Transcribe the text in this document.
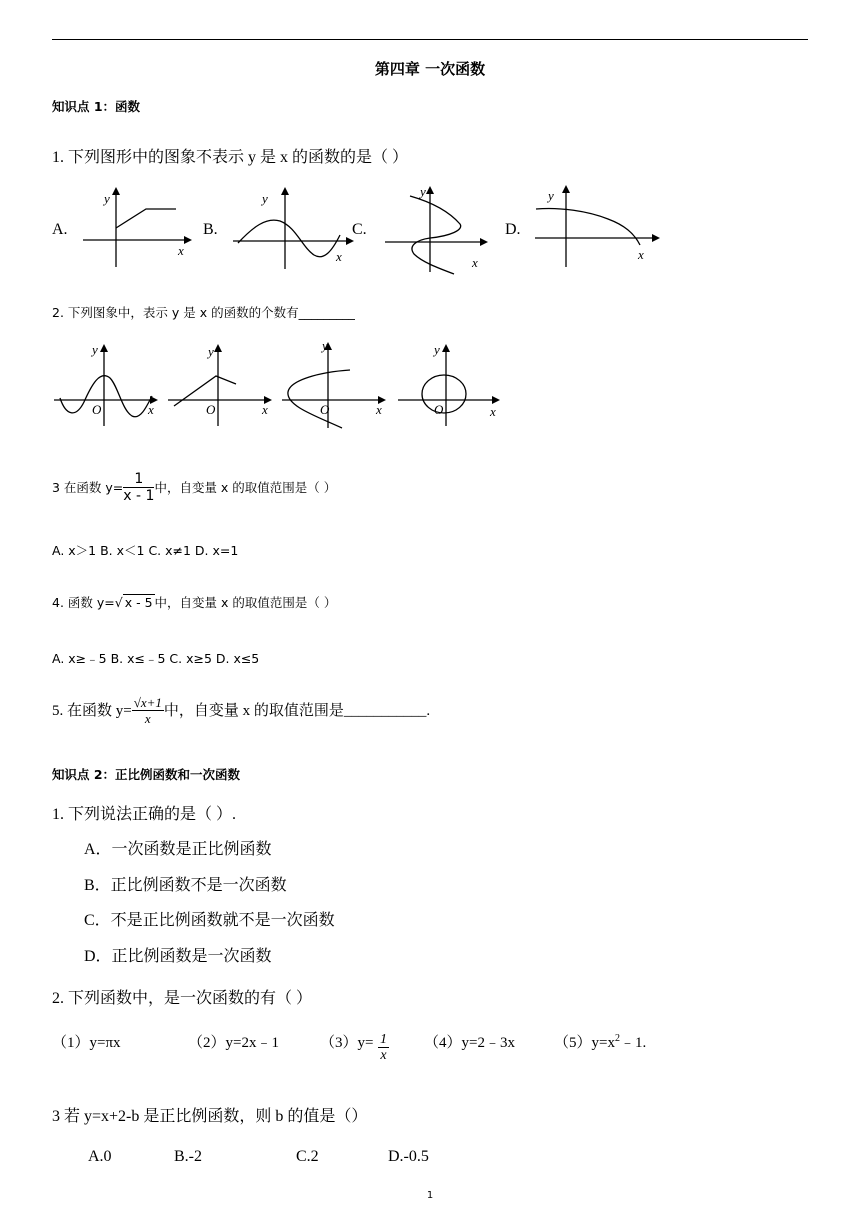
第四章 一次函数
知识点 1：函数
1. 下列图形中的图象不表示 y 是 x 的函数的是（ ）
A.	B.	C.	D.
y
x
y
x
y
x
y
x
2. 下列图象中，表示 y 是 x 的函数的个数有_________
y
O	x
y
O	x
y
O	x
y
O	x
3 在函数 $y= \frac{1}{x - 1}$ 中，自变量 x 的取值范围是（ ）
A. x＞1 B. x＜1 C. x≠1 D. x=1
4. 函数 y=√ x - 5 中，自变量 x 的取值范围是（ ）
A. x≥﹣5 B. x≤﹣5 C. x≥5 D. x≤5
5. 在函数 $y= \frac{√x+1}{x}$ 中，自变量 x 的取值范围是___________.
知识点 2：正比例函数和一次函数
1. 下列说法正确的是（ ）.
A．一次函数是正比例函数
B．正比例函数不是一次函数
C．不是正比例函数就不是一次函数
D．正比例函数是一次函数
2. 下列函数中，是一次函数的有（ ）
（1）y=πx	（2）y=2x﹣1	$(3)y= \frac{1}{x}$ （4）y=2﹣3x	$(5)y=x^2﹣1$.
3 若 y=x+2-b 是正比例函数，则 b 的值是（）
A.0	B.-2	C.2	D.-0.5
1
